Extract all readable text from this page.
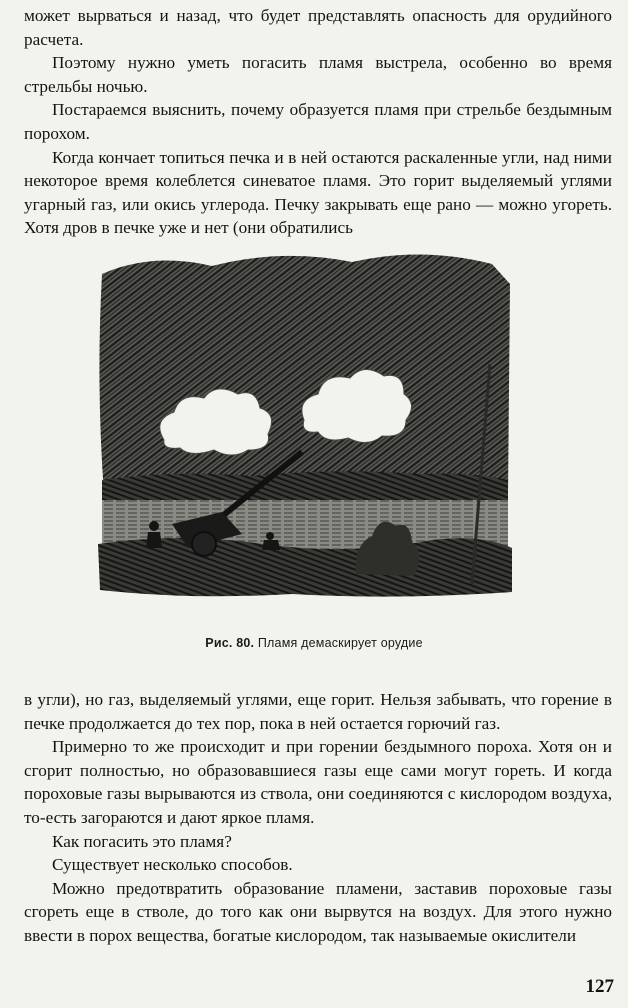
может вырваться и назад, что будет представлять опасность для орудийного расчета.

Поэтому нужно уметь погасить пламя выстрела, особенно во время стрельбы ночью.

Постараемся выяснить, почему образуется пламя при стрельбе бездымным порохом.

Когда кончает топиться печка и в ней остаются раскаленные угли, над ними некоторое время колеблется синеватое пламя. Это горит выделяемый углями угарный газ, или окись углерода. Печку закрывать еще рано — можно угореть. Хотя дров в печке уже и нет (они обратились

Рис. 80. Пламя демаскирует орудие

в угли), но газ, выделяемый углями, еще горит. Нельзя забывать, что горение в печке продолжается до тех пор, пока в ней остается горючий газ.

Примерно то же происходит и при горении бездымного пороха. Хотя он и сгорит полностью, но образовавшиеся газы еще сами могут гореть. И когда пороховые газы вырываются из ствола, они соединяются с кислородом воздуха, то-есть загораются и дают яркое пламя.

Как погасить это пламя?

Существует несколько способов.

Можно предотвратить образование пламени, заставив пороховые газы сгореть еще в стволе, до того как они вырвутся на воздух. Для этого нужно ввести в порох вещества, богатые кислородом, так называемые окислители

127
